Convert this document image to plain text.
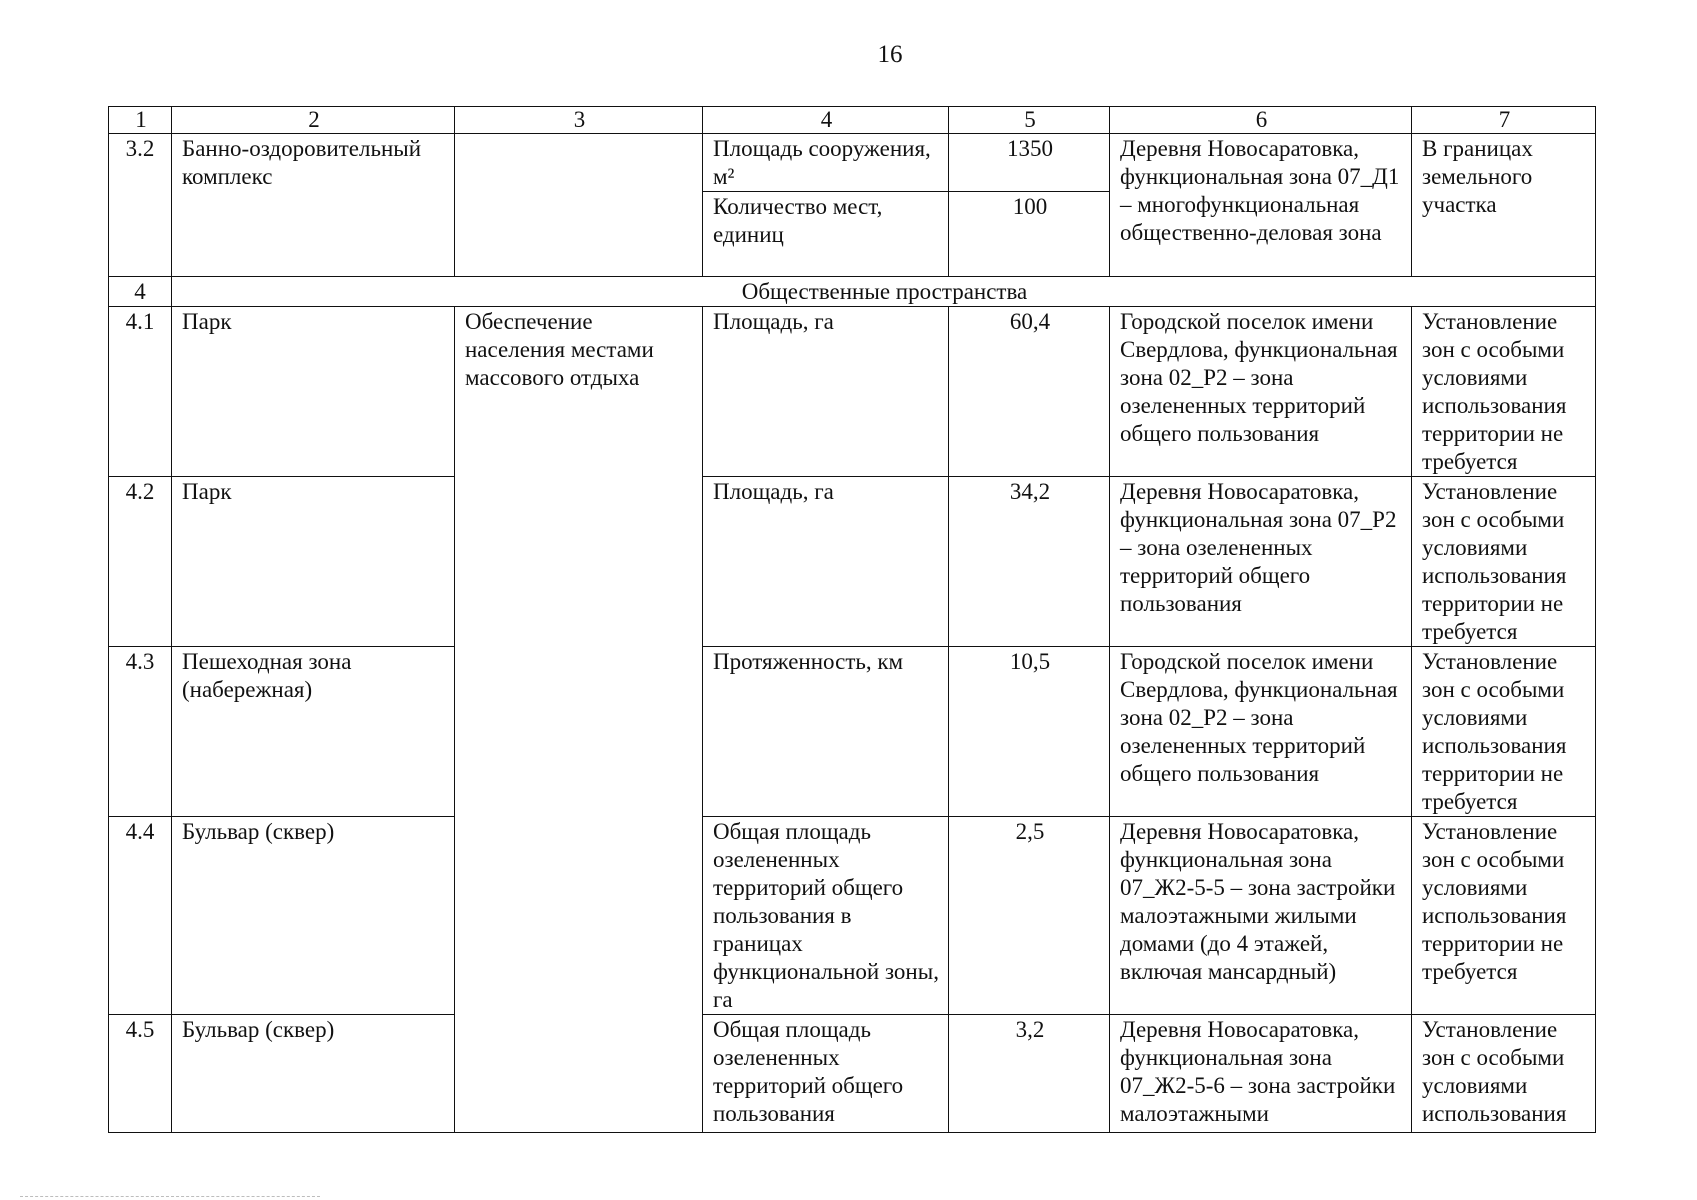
16
1	2	3	4	5	6	7
3.2	Банно-оздоровительный комплекс		Площадь сооружения, м²	1350	Деревня Новосаратовка, функциональная зона 07_Д1 – многофункциональная общественно-деловая зона	В границах земельного участка
			Количество мест, единиц	100		
4	Общественные пространства					
4.1	Парк	Обеспечение населения местами массового отдыха	Площадь, га	60,4	Городской поселок имени Свердлова, функциональная зона 02_Р2 – зона озелененных территорий общего пользования	Установление зон с особыми условиями использования территории не требуется
4.2	Парк		Площадь, га	34,2	Деревня Новосаратовка, функциональная зона 07_Р2 – зона озелененных территорий общего пользования	Установление зон с особыми условиями использования территории не требуется
4.3	Пешеходная зона (набережная)		Протяженность, км	10,5	Городской поселок имени Свердлова, функциональная зона 02_Р2 – зона озелененных территорий общего пользования	Установление зон с особыми условиями использования территории не требуется
4.4	Бульвар (сквер)		Общая площадь озелененных территорий общего пользования в границах функциональной зоны, га	2,5	Деревня Новосаратовка, функциональная зона 07_Ж2-5-5 – зона застройки малоэтажными жилыми домами (до 4 этажей, включая мансардный)	Установление зон с особыми условиями использования территории не требуется
4.5	Бульвар (сквер)		Общая площадь озелененных территорий общего пользования	3,2	Деревня Новосаратовка, функциональная зона 07_Ж2-5-6 – зона застройки малоэтажными	Установление зон с особыми условиями использования
